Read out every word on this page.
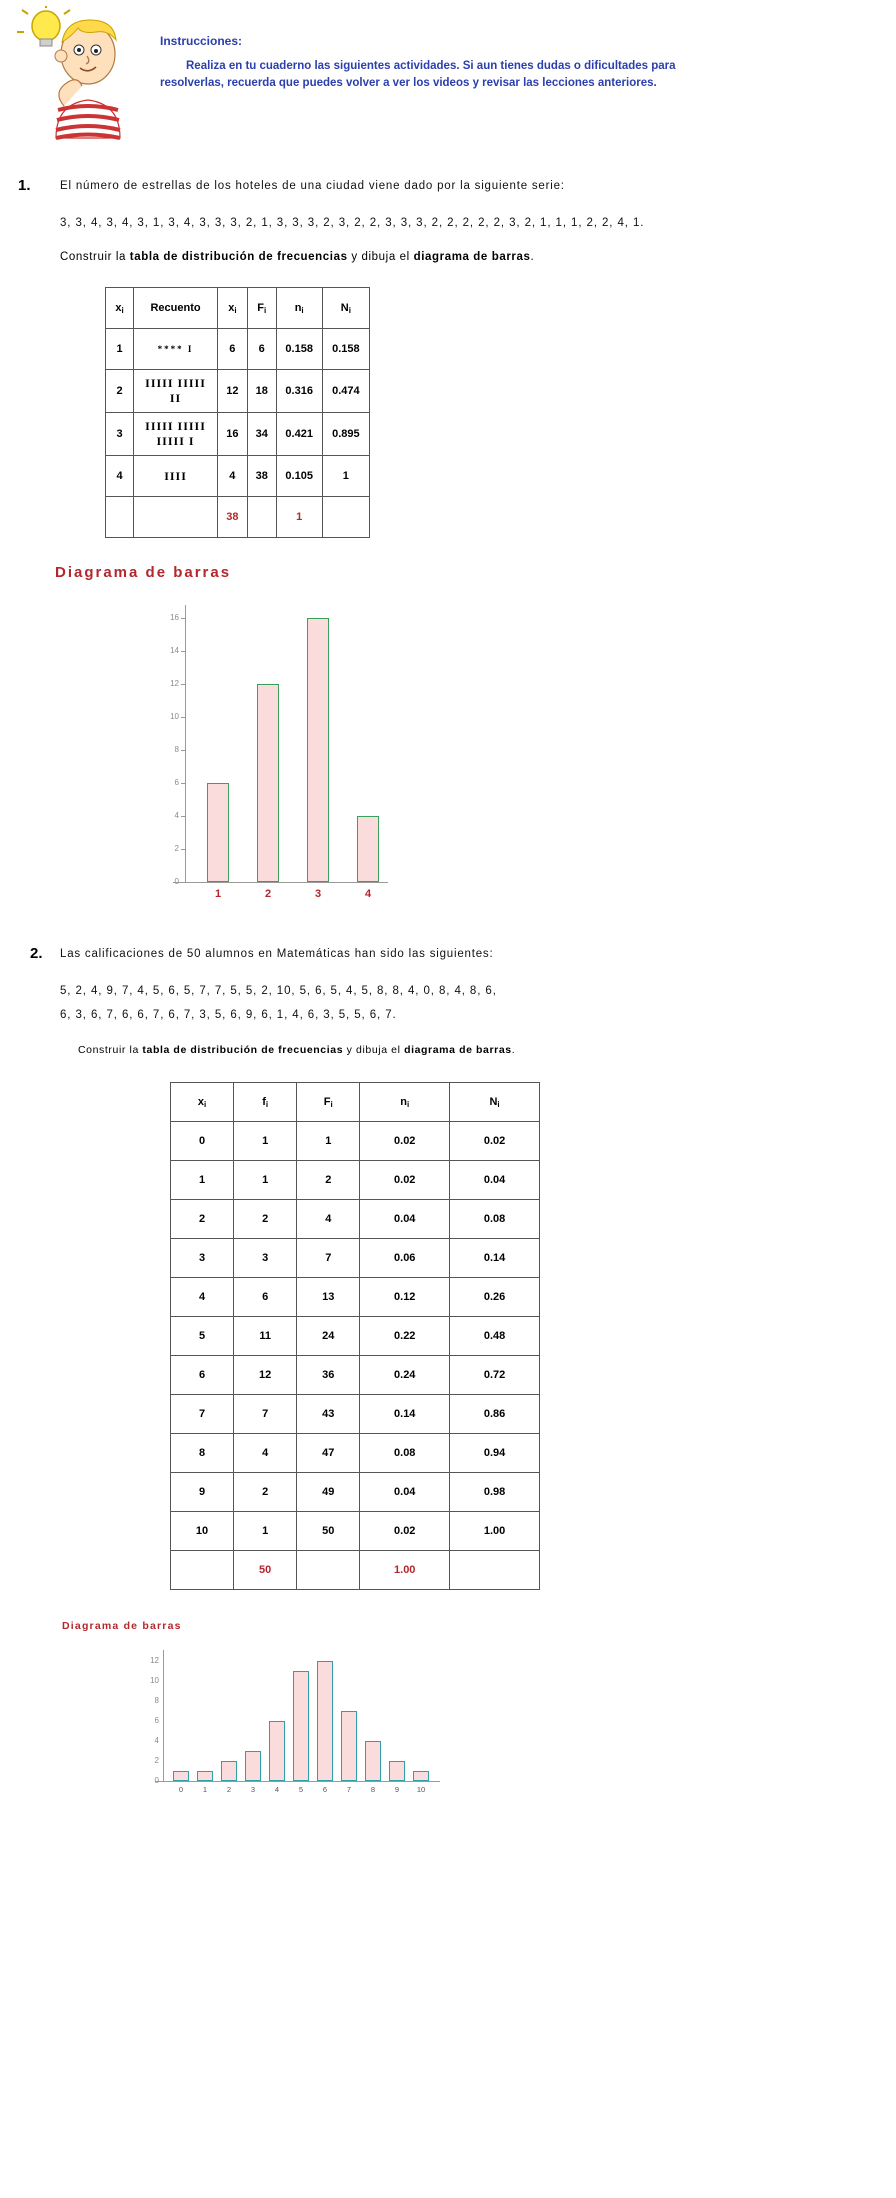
Instrucciones:
Realiza en tu cuaderno las siguientes actividades. Si aun tienes dudas o dificultades para resolverlas, recuerda que puedes volver a ver los videos y revisar las lecciones anteriores.
1.	El número de estrellas de los hoteles de una ciudad viene dado por la siguiente serie:
3, 3, 4, 3, 4, 3, 1, 3, 4, 3, 3, 3, 2, 1, 3, 3, 3, 2, 3, 2, 2, 3, 3, 3, 2, 2, 2, 2, 2, 3, 2, 1, 1, 1, 2, 2, 4, 1.
Construir la tabla de distribución de frecuencias y dibuja el diagrama de barras.
$x_i$	Recuento	$x_i$	$F_i$	$n_i$	$N_i$
1	**** I	6	6	0.158	0.158
2	IIIII IIIII II	12	18	0.316	0.474
3	IIIII IIIII IIIII I	16	34	0.421	0.895
4	IIII	4	38	0.105	1
		38		1	
Diagrama de barras
0
2
4
6
8
10
12
14
16
1	2	3	4
2. Las calificaciones de 50 alumnos en Matemáticas han sido las siguientes:
5, 2, 4, 9, 7, 4, 5, 6, 5, 7, 7, 5, 5, 2, 10, 5, 6, 5, 4, 5, 8, 8, 4, 0, 8, 4, 8, 6,
6, 3, 6, 7, 6, 6, 7, 6, 7, 3, 5, 6, 9, 6, 1, 4, 6, 3, 5, 5, 6, 7.
Construir la tabla de distribución de frecuencias y dibuja el diagrama de barras.
$x_i$	$f_i$	$F_i$	$n_i$	$N_i$
0	1	1	0.02	0.02
1	1	2	0.02	0.04
2	2	4	0.04	0.08
3	3	7	0.06	0.14
4	6	13	0.12	0.26
5	11	24	0.22	0.48
6	12	36	0.24	0.72
7	7	43	0.14	0.86
8	4	47	0.08	0.94
9	2	49	0.04	0.98
10	1	50	0.02	1.00
	50		1.00	
Diagrama de barras
0
2
4
6
8
10
12
0	1	2	3	4	5	6	7	8	9	10
